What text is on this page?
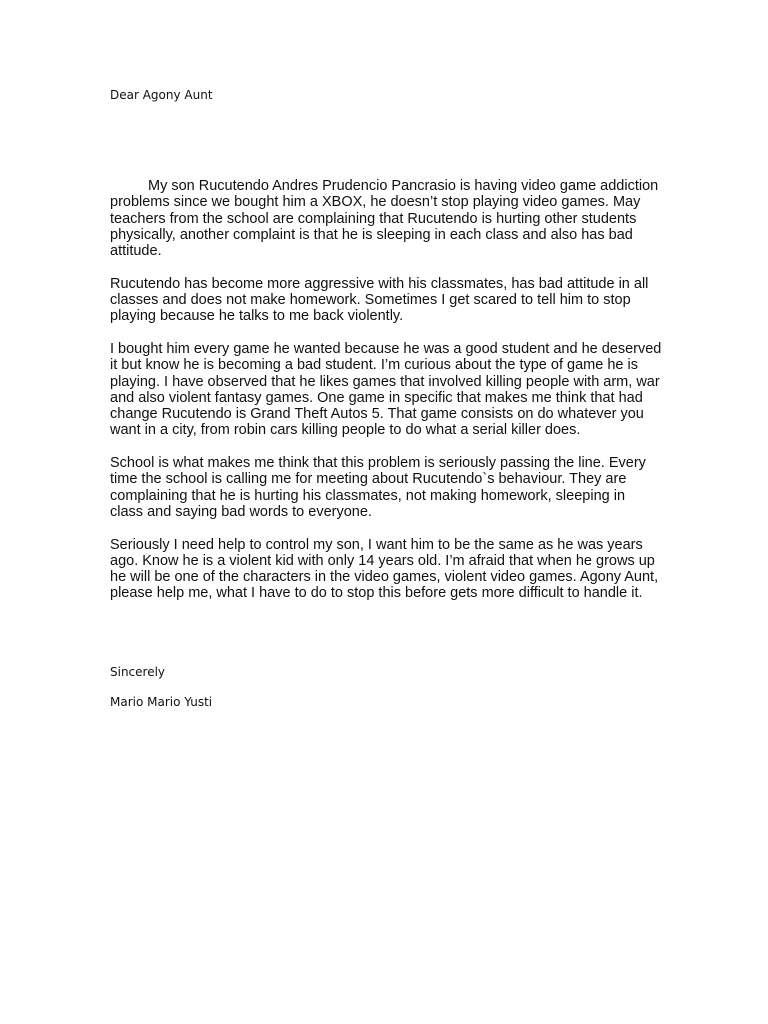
Dear Agony Aunt

My son Rucutendo Andres Prudencio Pancrasio is having video game addiction problems since we bought him a XBOX, he doesn’t stop playing video games. May teachers from the school are complaining that Rucutendo is hurting other students physically, another complaint is that he is sleeping in each class and also has bad attitude.

Rucutendo has become more aggressive with his classmates, has bad attitude in all classes and does not make homework. Sometimes I get scared to tell him to stop playing because he talks to me back violently.

I bought him every game he wanted because he was a good student and he deserved it but know he is becoming a bad student. I’m curious about the type of game he is playing. I have observed that he likes games that involved killing people with arm, war and also violent fantasy games. One game in specific that makes me think that had change Rucutendo is Grand Theft Autos 5. That game consists on do whatever you want in a city, from robin cars killing people to do what a serial killer does.

School is what makes me think that this problem is seriously passing the line. Every time the school is calling me for meeting about Rucutendo`s behaviour. They are complaining that he is hurting his classmates, not making homework, sleeping in class and saying bad words to everyone.

Seriously I need help to control my son, I want him to be the same as he was years ago. Know he is a violent kid with only 14 years old. I’m afraid that when he grows up he will be one of the characters in the video games, violent video games. Agony Aunt, please help me, what I have to do to stop this before gets more difficult to handle it.

Sincerely
Mario Mario Yusti
